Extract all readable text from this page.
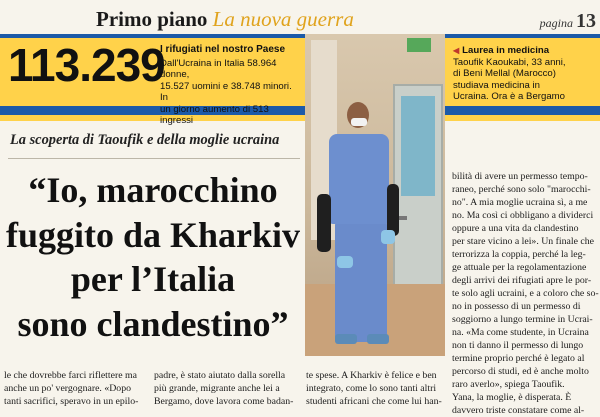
Primo piano La nuova guerra	pagina 13
113.239
I rifugiati nel nostro Paese
Dall'Ucraina in Italia 58.964 donne,
15.527 uomini e 38.748 minori. In
un giorno aumento di 513 ingressi
◀ Laurea in medicina
Taoufik Kaoukabi, 33 anni,
di Beni Mellal (Marocco)
studiava medicina in
Ucraina. Ora è a Bergamo
La scoperta di Taoufik e della moglie ucraina
“Io, marocchino
fuggito da Kharkiv
per l’Italia
sono clandestino”
le che dovrebbe farci riflettere ma
anche un po' vergognare. «Dopo
tanti sacrifici, speravo in un epilo-
padre, è stato aiutato dalla sorella
più grande, migrante anche lei a
Bergamo, dove lavora come badan-
te spese. A Kharkiv è felice e ben
integrato, come lo sono tanti altri
studenti africani che come lui han-
bilità di avere un permesso tempo-
raneo, perché sono solo "marocchi-
no". A mia moglie ucraina sì, a me
no. Ma così ci obbligano a dividerci
oppure a una vita da clandestino
per stare vicino a lei». Un finale che
terrorizza la coppia, perché la leg-
ge attuale per la regolamentazione
degli arrivi dei rifugiati apre le por-
te solo agli ucraini, e a coloro che so-
no in possesso di un permesso di
soggiorno a lungo termine in Ucrai-
na. «Ma come studente, in Ucraina
non ti danno il permesso di lungo
termine proprio perché è legato al
percorso di studi, ed è anche molto
raro averlo», spiega Taoufik.
Yana, la moglie, è disperata. È
davvero triste constatare come al-
